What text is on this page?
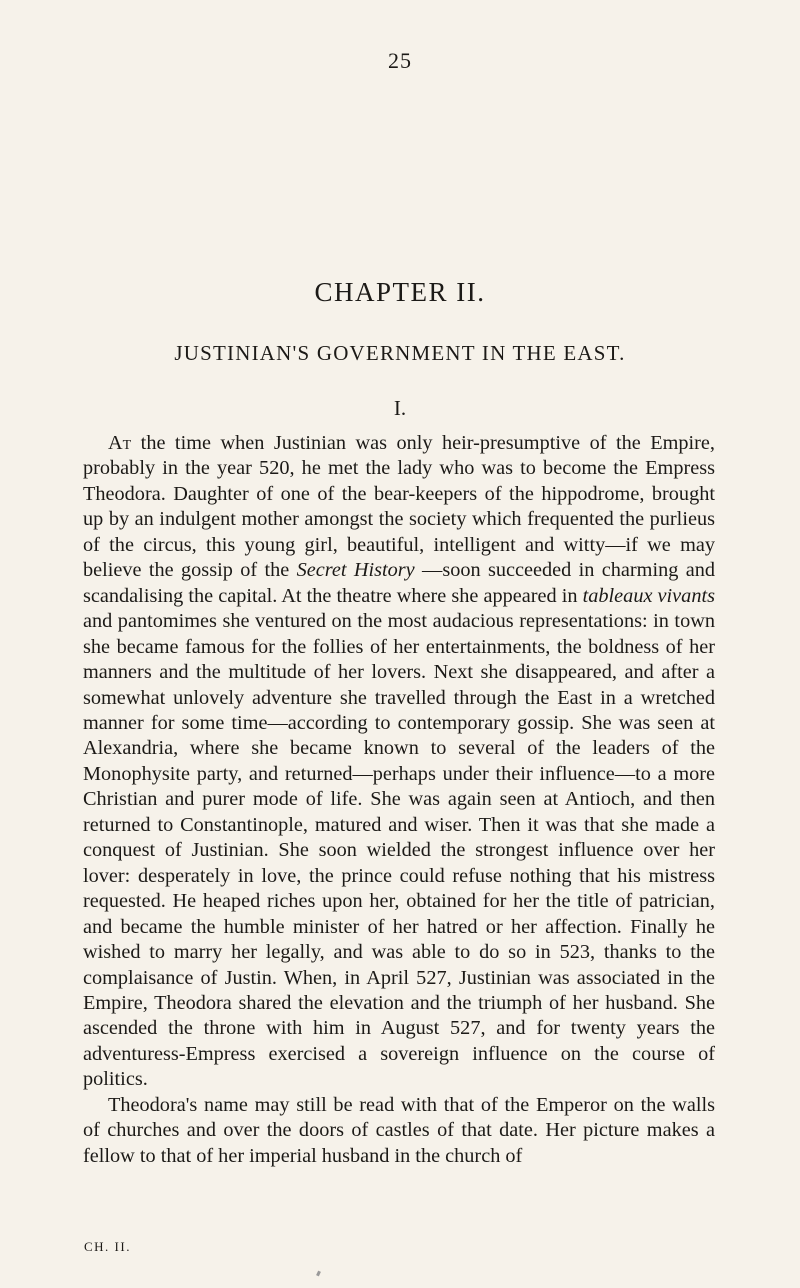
25
CHAPTER II.
JUSTINIAN'S GOVERNMENT IN THE EAST.
I.

At the time when Justinian was only heir-presumptive of the Empire, probably in the year 520, he met the lady who was to become the Empress Theodora. Daughter of one of the bear-keepers of the hippodrome, brought up by an indulgent mother amongst the society which frequented the purlieus of the circus, this young girl, beautiful, intelligent and witty—if we may believe the gossip of the Secret History —soon succeeded in charming and scandalising the capital. At the theatre where she appeared in tableaux vivants and pantomimes she ventured on the most audacious representations: in town she became famous for the follies of her entertainments, the boldness of her manners and the multitude of her lovers. Next she disappeared, and after a somewhat unlovely adventure she travelled through the East in a wretched manner for some time—according to contemporary gossip. She was seen at Alexandria, where she became known to several of the leaders of the Monophysite party, and returned—perhaps under their influence—to a more Christian and purer mode of life. She was again seen at Antioch, and then returned to Constantinople, matured and wiser. Then it was that she made a conquest of Justinian. She soon wielded the strongest influence over her lover: desperately in love, the prince could refuse nothing that his mistress requested. He heaped riches upon her, obtained for her the title of patrician, and became the humble minister of her hatred or her affection. Finally he wished to marry her legally, and was able to do so in 523, thanks to the complaisance of Justin. When, in April 527, Justinian was associated in the Empire, Theodora shared the elevation and the triumph of her husband. She ascended the throne with him in August 527, and for twenty years the adventuress-Empress exercised a sovereign influence on the course of politics.

Theodora's name may still be read with that of the Emperor on the walls of churches and over the doors of castles of that date. Her picture makes a fellow to that of her imperial husband in the church of

CH. II.
